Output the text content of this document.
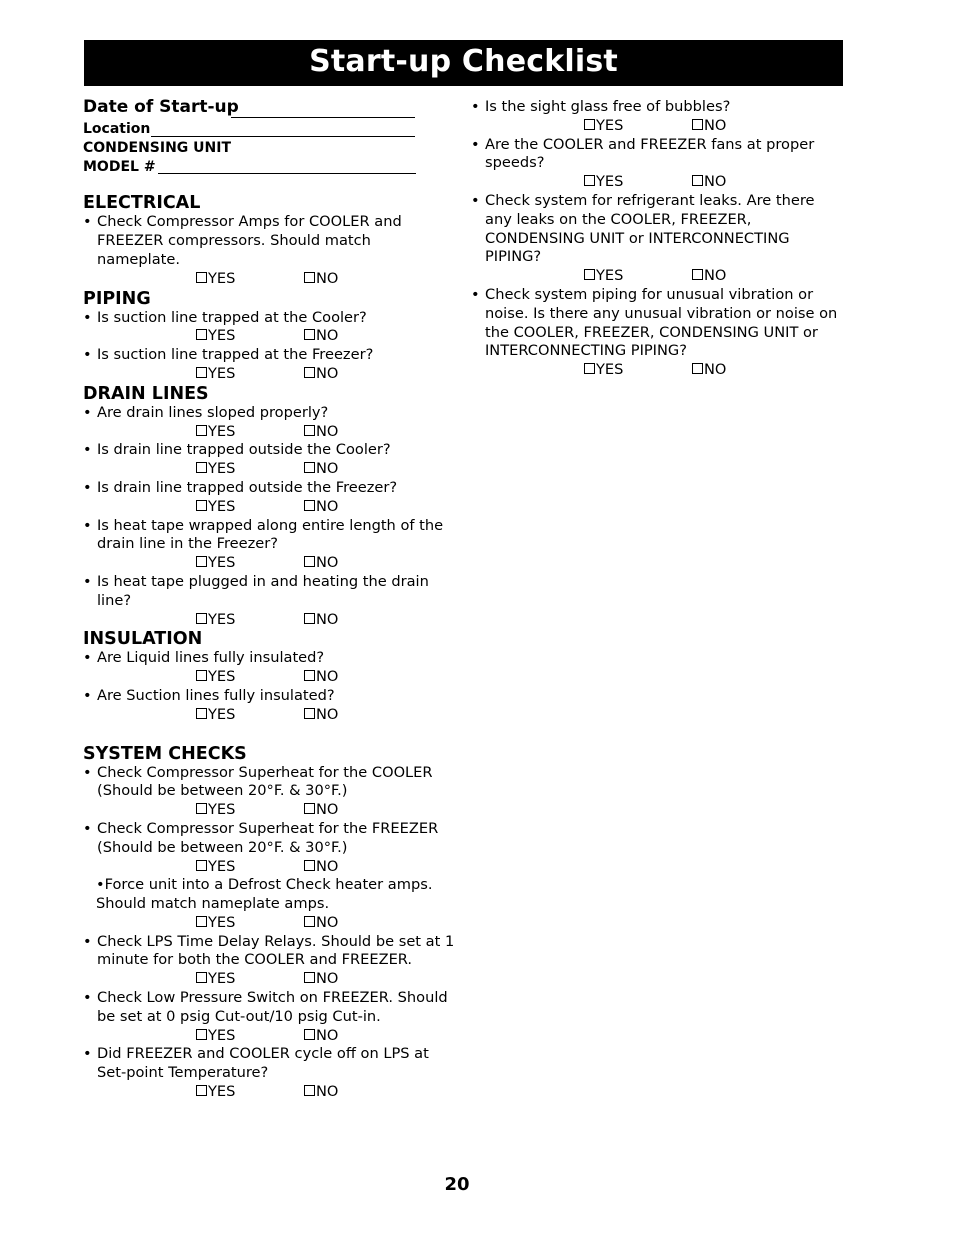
Start-up Checklist
Date of Start-up
Location
CONDENSING UNIT
MODEL #
ELECTRICAL
• Check Compressor Amps for COOLER and FREEZER compressors. Should match nameplate.
YES	NO
PIPING
• Is suction line trapped at the Cooler?
YES	NO
• Is suction line trapped at the Freezer?
YES	NO
DRAIN LINES
• Are drain lines sloped properly?
YES	NO
• Is drain line trapped outside the Cooler?
YES	NO
• Is drain line trapped outside the Freezer?
YES	NO
• Is heat tape wrapped along entire length of the drain line in the Freezer?
YES	NO
• Is heat tape plugged in and heating the drain line?
YES	NO
INSULATION
• Are Liquid lines fully insulated?
YES	NO
• Are Suction lines fully insulated?
YES	NO
SYSTEM CHECKS
• Check Compressor Superheat for the COOLER (Should be between 20°F. & 30°F.)
YES	NO
• Check Compressor Superheat for the FREEZER (Should be between 20°F. & 30°F.)
YES	NO
•Force unit into a Defrost Check heater amps. Should match nameplate amps.
YES	NO
• Check LPS Time Delay Relays. Should be set at 1 minute for both the COOLER and FREEZER.
YES	NO
• Check Low Pressure Switch on FREEZER. Should be set at 0 psig Cut-out/10 psig Cut-in.
YES	NO
• Did FREEZER and COOLER cycle off on LPS at Set-point Temperature?
YES	NO
• Is the sight glass free of bubbles?
YES	NO
• Are the COOLER and FREEZER fans at proper speeds?
YES	NO
• Check system for refrigerant leaks. Are there any leaks on the COOLER, FREEZER, CONDENSING UNIT or INTERCONNECTING PIPING?
YES	NO
• Check system piping for unusual vibration or noise. Is there any unusual vibration or noise on the COOLER, FREEZER, CONDENSING UNIT or INTERCONNECTING PIPING?
YES	NO
20
